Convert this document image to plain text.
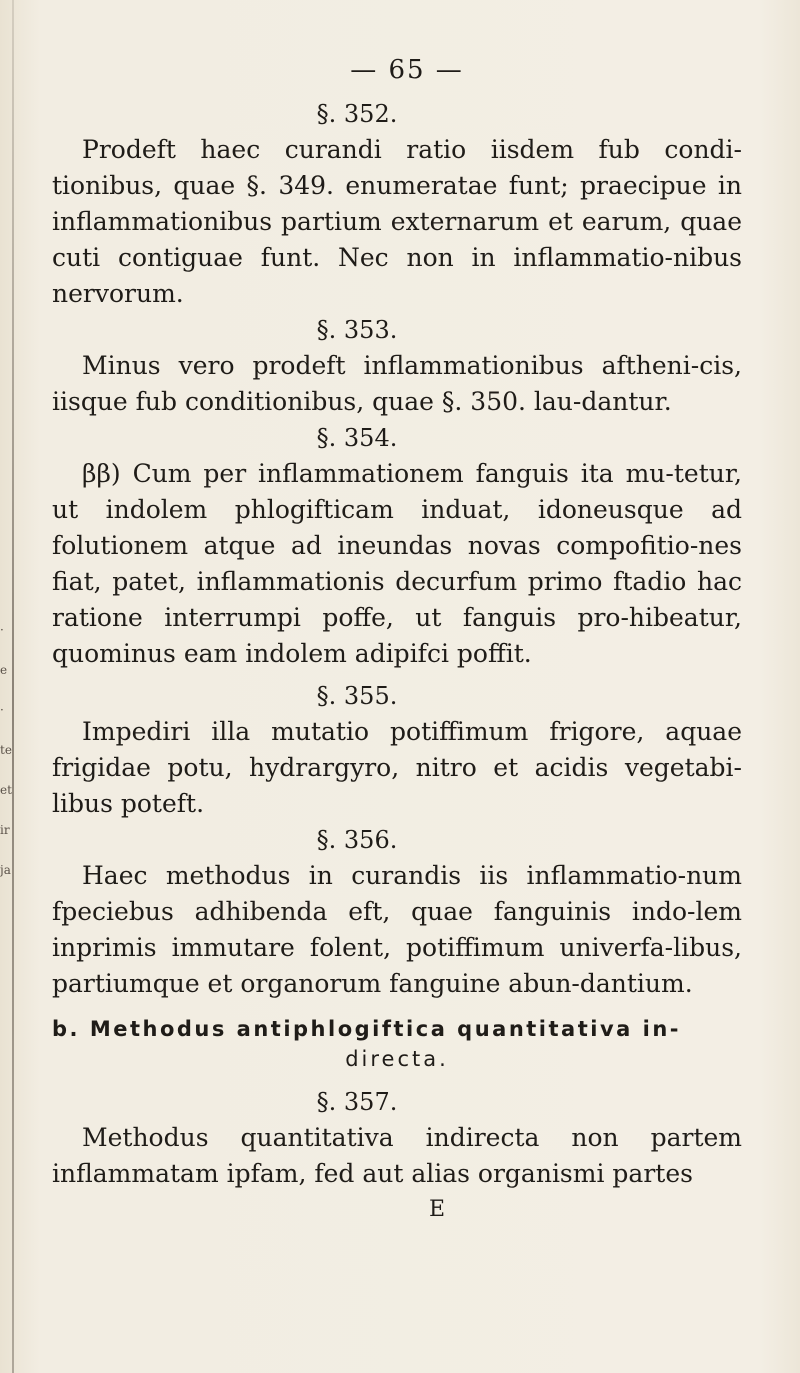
·
e
·
te
et
ir
ja
— 65 —
§. 352.

Prodeft haec curandi ratio iisdem fub condi-tionibus, quae §. 349. enumeratae funt; praecipue in inflammationibus partium externarum et earum, quae cuti contiguae funt. Nec non in inflammatio-nibus nervorum.

§. 353.

Minus vero prodeft inflammationibus aftheni-cis, iisque fub conditionibus, quae §. 350. lau-dantur.

§. 354.

ββ) Cum per inflammationem fanguis ita mu-tetur, ut indolem phlogifticam induat, idoneusque ad folutionem atque ad ineundas novas compofitio-nes fiat, patet, inflammationis decurfum primo ftadio hac ratione interrumpi poffe, ut fanguis pro-hibeatur, quominus eam indolem adipifci poffit.

§. 355.

Impediri illa mutatio potiffimum frigore, aquae frigidae potu, hydrargyro, nitro et acidis vegetabi-libus poteft.

§. 356.

Haec methodus in curandis iis inflammatio-num fpeciebus adhibenda eft, quae fanguinis indo-lem inprimis immutare folent, potiffimum univerfa-libus, partiumque et organorum fanguine abun-dantium.

b. Methodus antiphlogiftica quantitativa in-
directa.
§. 357.

Methodus quantitativa indirecta non partem inflammatam ipfam, fed aut alias organismi partes

E
